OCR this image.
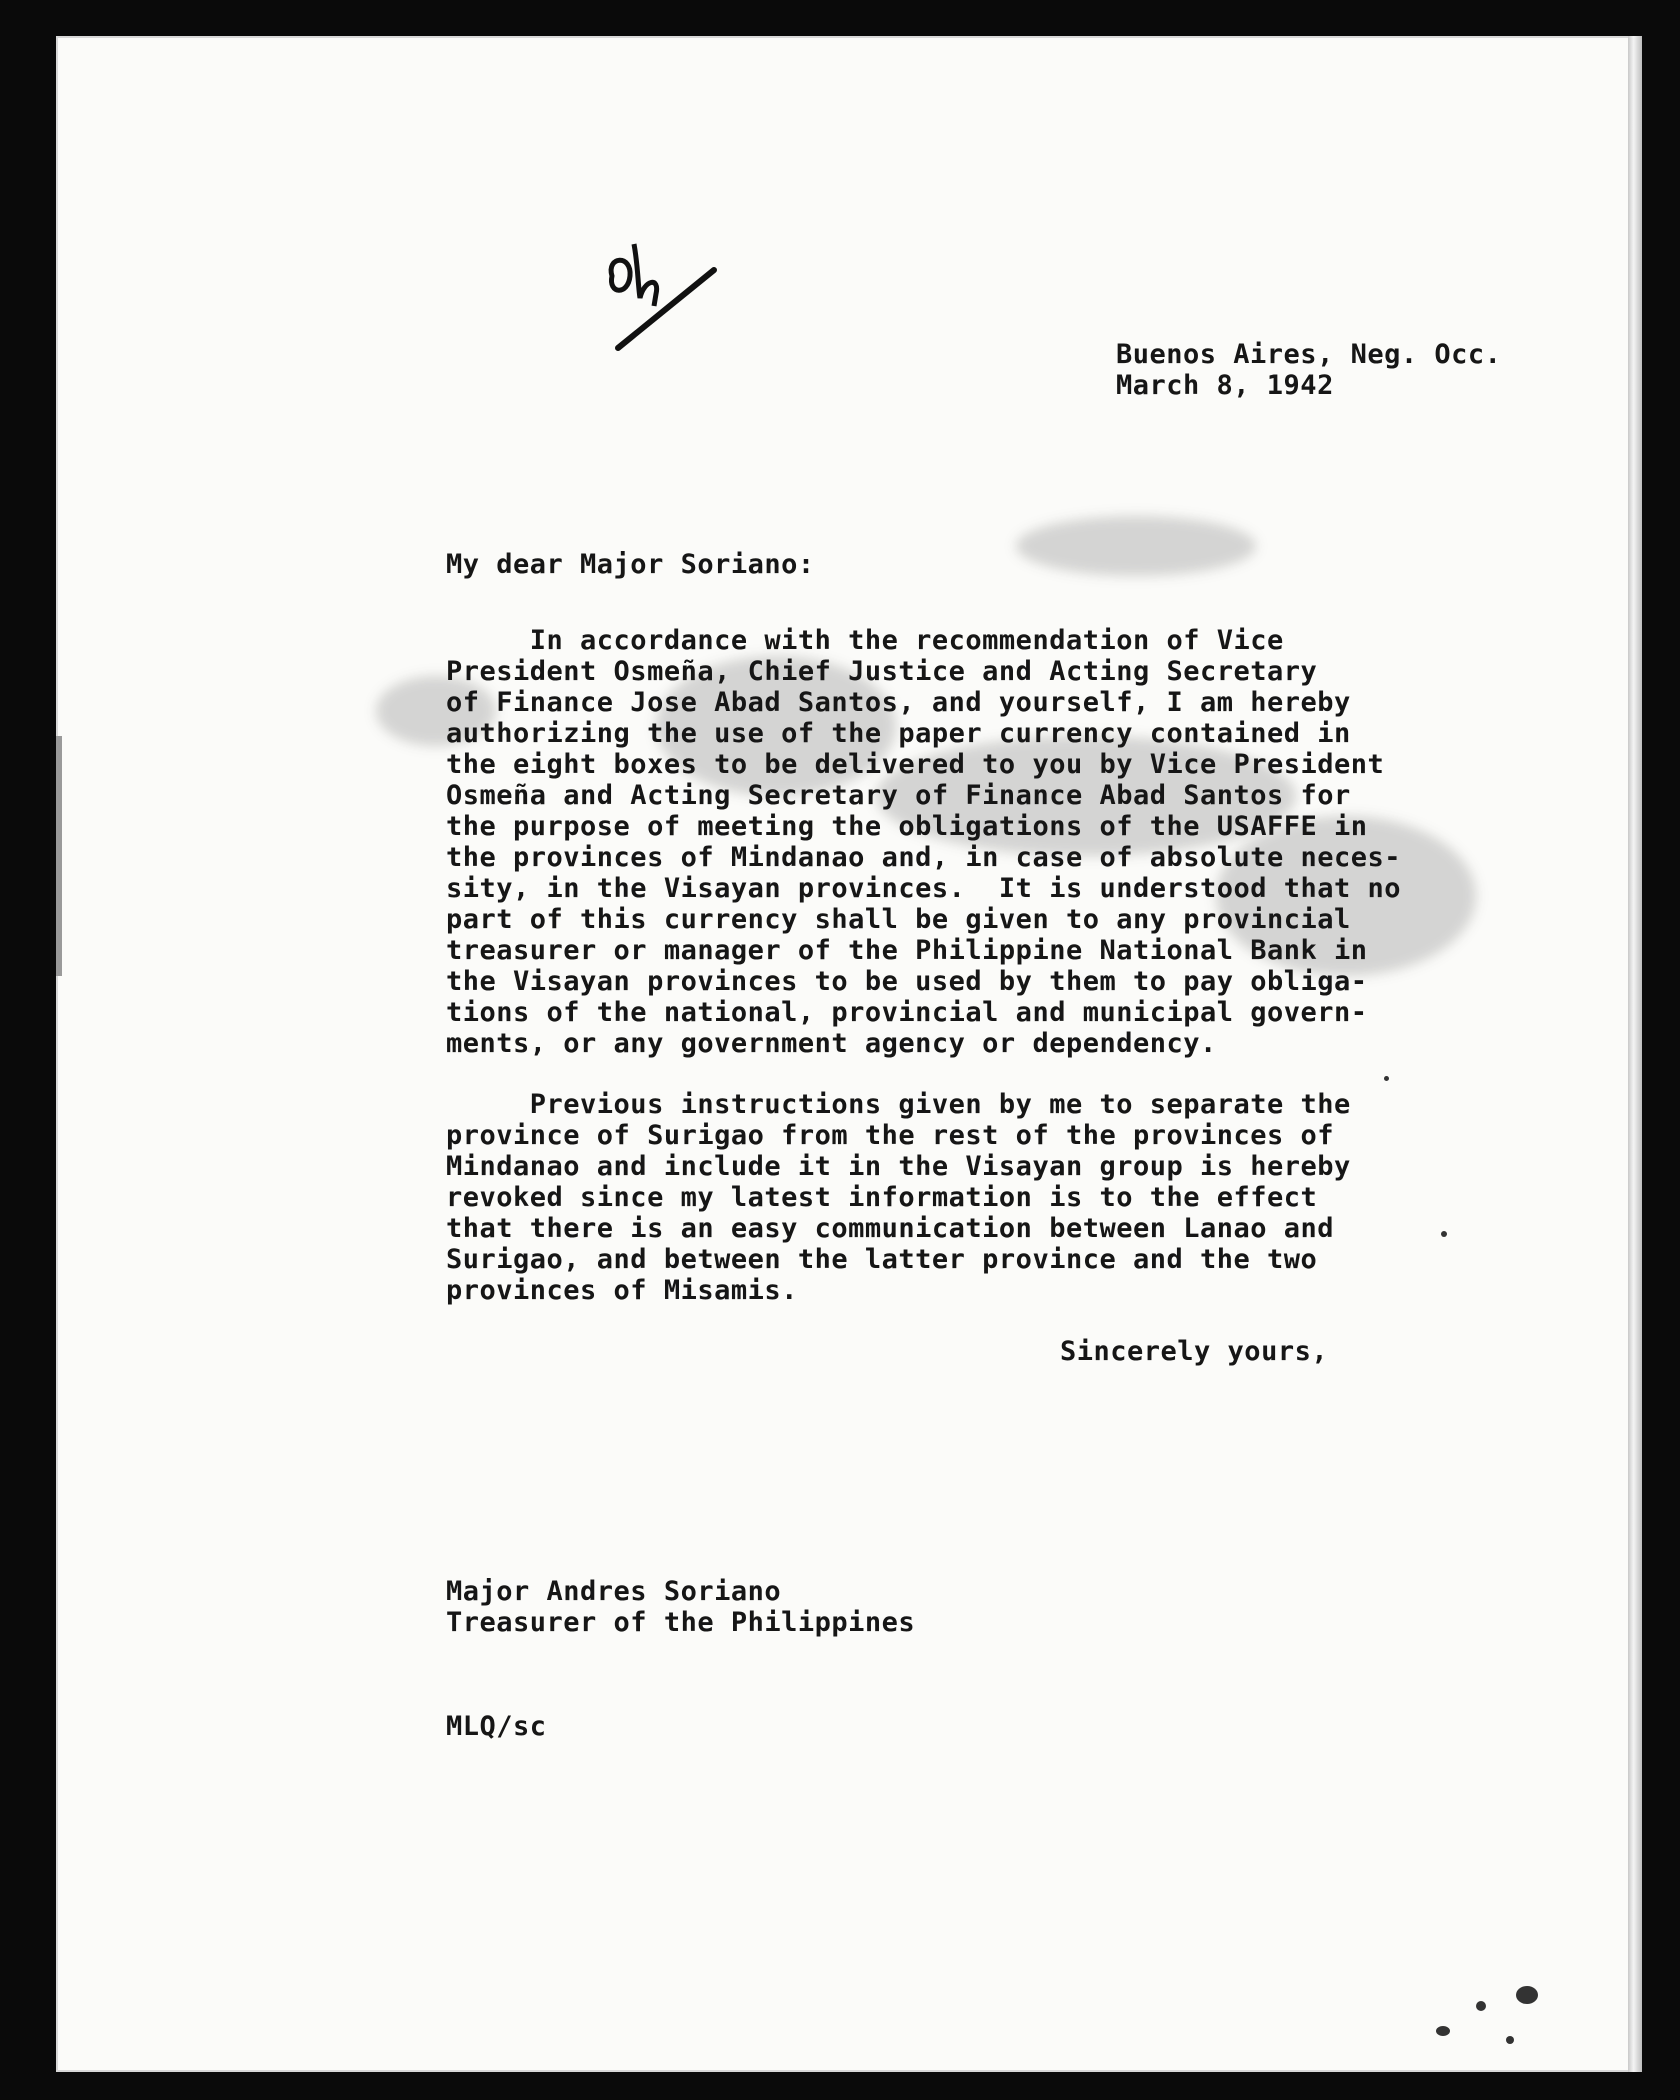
Buenos Aires, Neg. Occ.
March 8, 1942
My dear Major Soriano:

In accordance with the recommendation of Vice
President Osmeña, Chief Justice and Acting Secretary
of Finance Jose Abad Santos, and yourself, I am hereby
authorizing the use of the paper currency contained in
the eight boxes to be delivered to you by Vice President
Osmeña and Acting Secretary of Finance Abad Santos for
the purpose of meeting the obligations of the USAFFE in
the provinces of Mindanao and, in case of absolute neces-
sity, in the Visayan provinces.  It is understood that no
part of this currency shall be given to any provincial
treasurer or manager of the Philippine National Bank in
the Visayan provinces to be used by them to pay obliga-
tions of the national, provincial and municipal govern-
ments, or any government agency or dependency.

Previous instructions given by me to separate the
province of Surigao from the rest of the provinces of
Mindanao and include it in the Visayan group is hereby
revoked since my latest information is to the effect
that there is an easy communication between Lanao and
Surigao, and between the latter province and the two
provinces of Misamis.

Sincerely yours,
Major Andres Soriano
Treasurer of the Philippines
MLQ/sc
